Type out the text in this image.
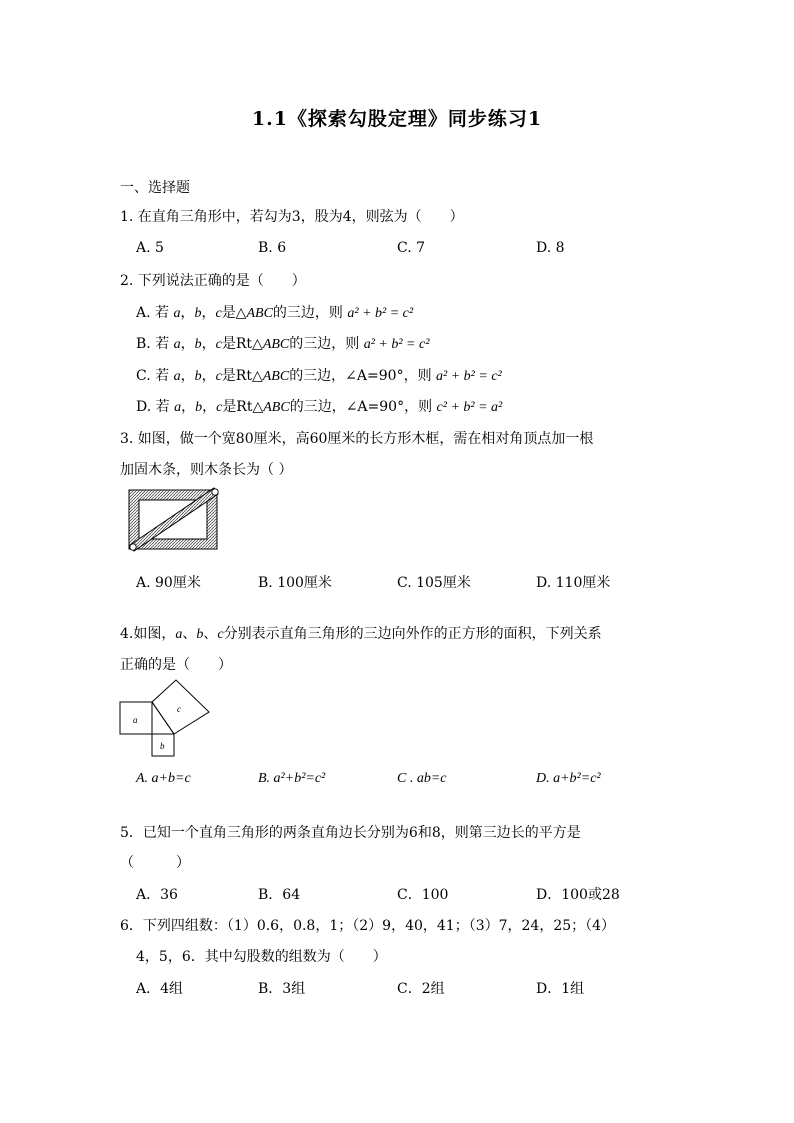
1.1《探索勾股定理》同步练习1
一、选择题
1. 在直角三角形中，若勾为3，股为4，则弦为（　　）
A. 5	B. 6	C. 7	D. 8
2. 下列说法正确的是（　　）
A. 若 a，b，c是△ABC的三边，则 a² + b² = c²
B. 若 a，b，c是Rt△ABC的三边，则 a² + b² = c²
C. 若 a，b，c是Rt△ABC的三边，∠A=90°，则 a² + b² = c²
D. 若 a，b，c是Rt△ABC的三边，∠A=90°，则 c² + b² = a²
3. 如图，做一个宽80厘米，高60厘米的长方形木框，需在相对角顶点加一根
加固木条，则木条长为（ ）
A. 90厘米	B. 100厘米	C. 105厘米	D. 110厘米
4.如图，a、b、c分别表示直角三角形的三边向外作的正方形的面积，下列关系
正确的是（　　）
a
c
b
A. a+b=c	B. a²+b²=c²	C . ab=c	D. a+b²=c²
5．已知一个直角三角形的两条直角边长分别为6和8，则第三边长的平方是
（　　　）
A．36	B．64	C．100	D．100或28
6．下列四组数：（1）0.6，0.8，1；（2）9，40，41；（3）7，24，25；（4）
4，5，6．其中勾股数的组数为（　　）
A．4组	B．3组	C．2组	D．1组
